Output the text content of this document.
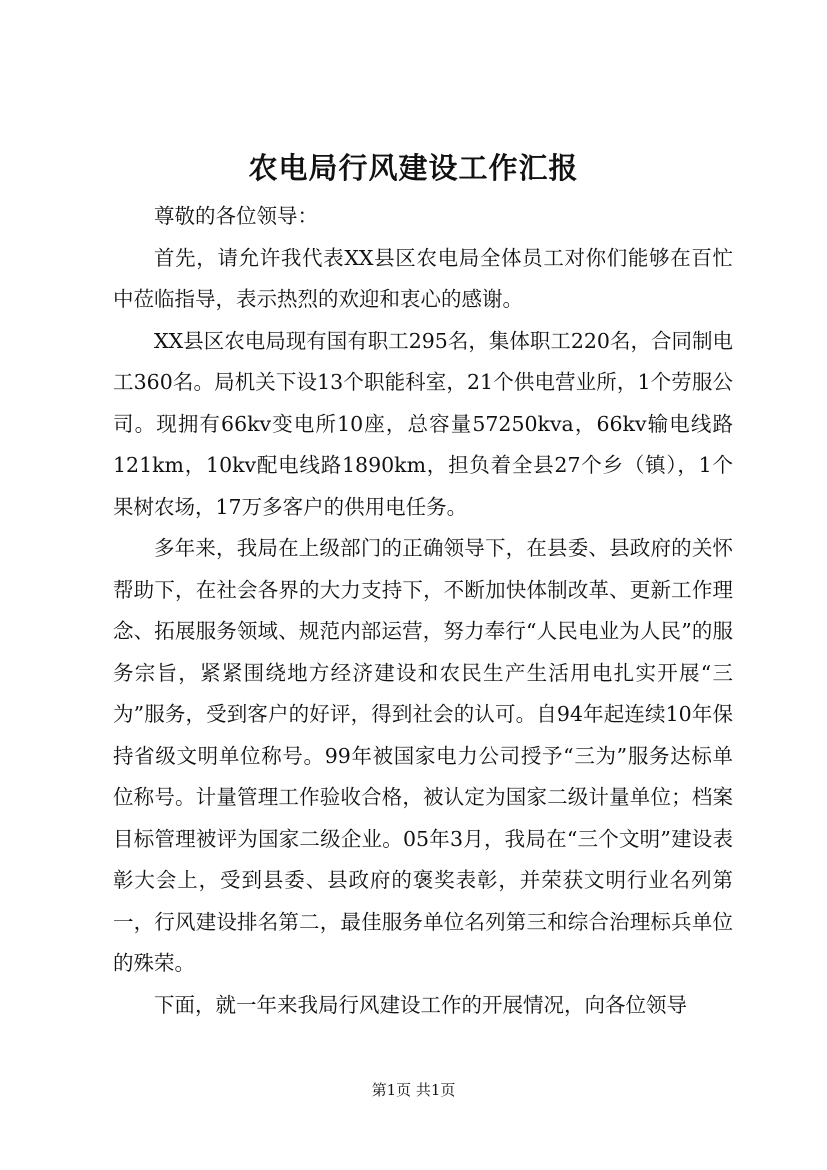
农电局行风建设工作汇报

尊敬的各位领导：

首先，请允许我代表XX县区农电局全体员工对你们能够在百忙中莅临指导，表示热烈的欢迎和衷心的感谢。

XX县区农电局现有国有职工295名，集体职工220名，合同制电工360名。局机关下设13个职能科室，21个供电营业所，1个劳服公司。现拥有66kv变电所10座，总容量57250kva，66kv输电线路121km，10kv配电线路1890km，担负着全县27个乡（镇），1个果树农场，17万多客户的供用电任务。

多年来，我局在上级部门的正确领导下，在县委、县政府的关怀帮助下，在社会各界的大力支持下，不断加快体制改革、更新工作理念、拓展服务领域、规范内部运营，努力奉行“人民电业为人民”的服务宗旨，紧紧围绕地方经济建设和农民生产生活用电扎实开展“三为”服务，受到客户的好评，得到社会的认可。自94年起连续10年保持省级文明单位称号。99年被国家电力公司授予“三为”服务达标单位称号。计量管理工作验收合格，被认定为国家二级计量单位；档案目标管理被评为国家二级企业。05年3月，我局在“三个文明”建设表彰大会上，受到县委、县政府的褒奖表彰，并荣获文明行业名列第一，行风建设排名第二，最佳服务单位名列第三和综合治理标兵单位的殊荣。

下面，就一年来我局行风建设工作的开展情况，向各位领导

第1页 共1页
